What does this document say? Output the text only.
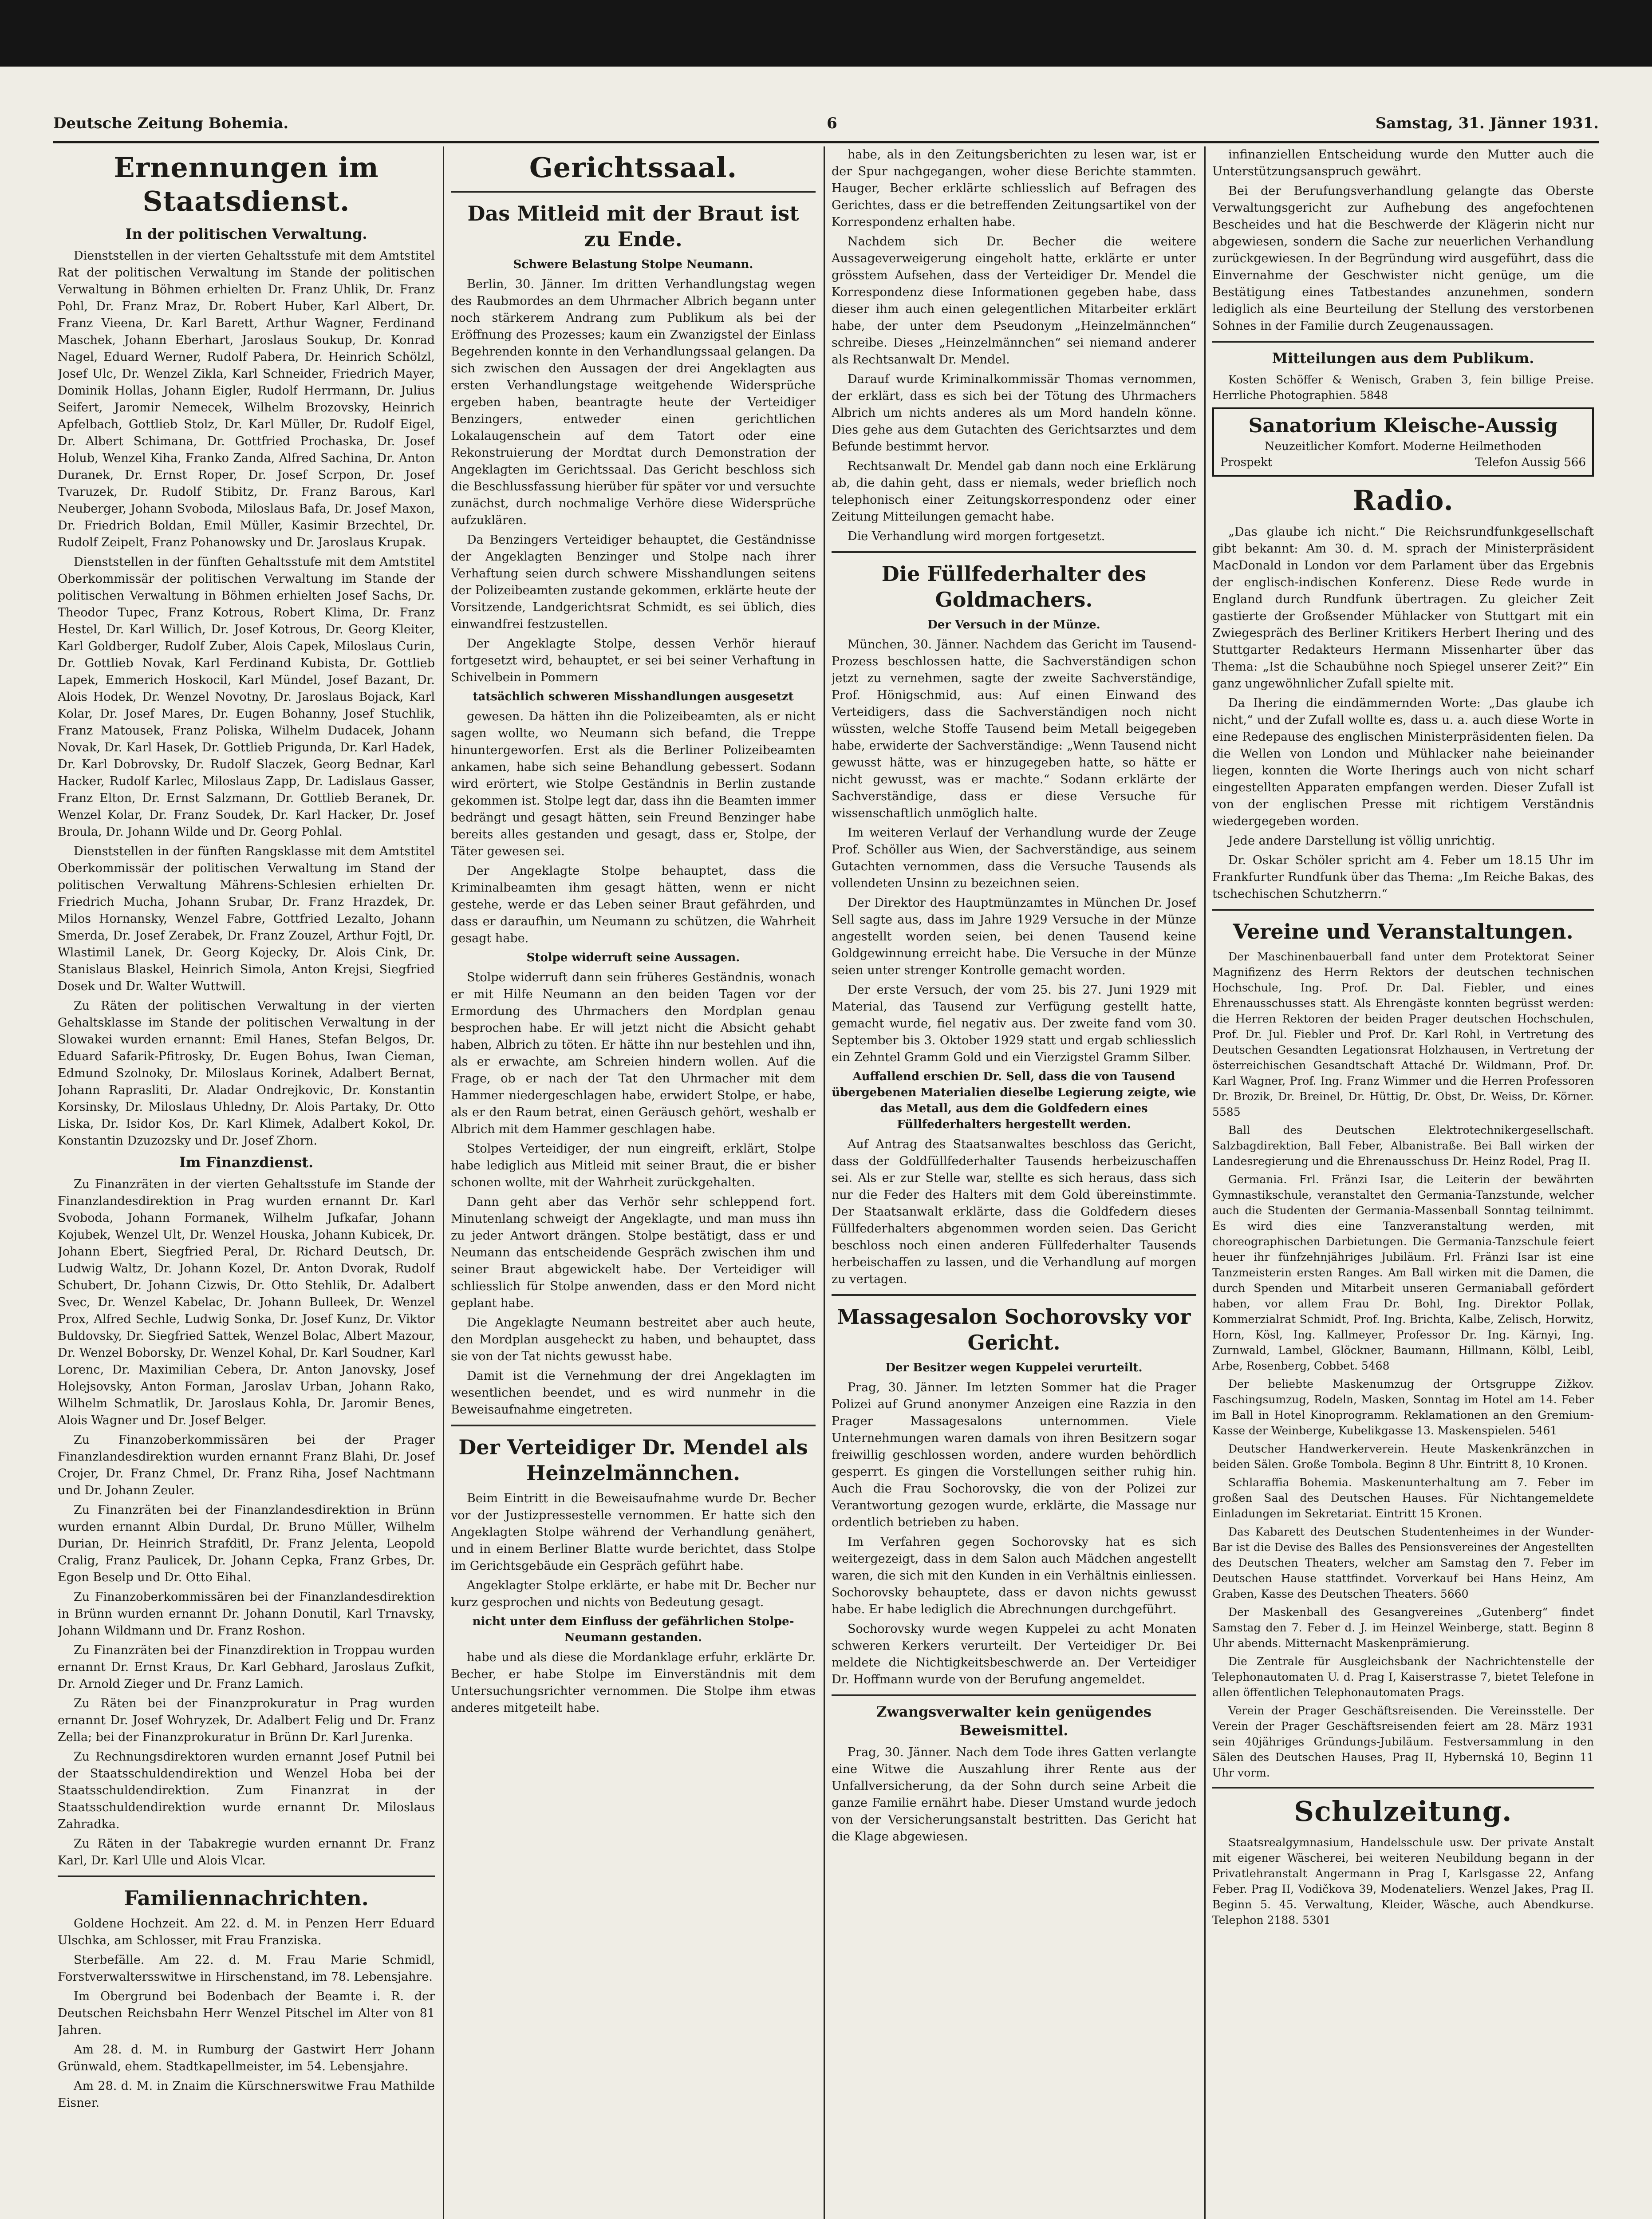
Deutsche Zeitung Bohemia.	6	Samstag, 31. Jänner 1931.
Ernennungen im Staatsdienst.
In der politischen Verwaltung.

Dienststellen in der vierten Gehaltsstufe mit dem Amtstitel Rat der politischen Verwaltung im Stande der politischen Verwaltung in Böhmen erhielten Dr. Franz Uhlik, Dr. Franz Pohl, Dr. Franz Mraz, Dr. Robert Huber, Karl Albert, Dr. Franz Vieena, Dr. Karl Barett, Arthur Wagner, Ferdinand Maschek, Johann Eberhart, Jaroslaus Soukup, Dr. Konrad Nagel, Eduard Werner, Rudolf Pabera, Dr. Heinrich Schölzl, Josef Ulc, Dr. Wenzel Zikla, Karl Schneider, Friedrich Mayer, Dominik Hollas, Johann Eigler, Rudolf Herrmann, Dr. Julius Seifert, Jaromir Nemecek, Wilhelm Brozovsky, Heinrich Apfelbach, Gottlieb Stolz, Dr. Karl Müller, Dr. Rudolf Eigel, Dr. Albert Schimana, Dr. Gottfried Prochaska, Dr. Josef Holub, Wenzel Kiha, Franko Zanda, Alfred Sachina, Dr. Anton Duranek, Dr. Ernst Roper, Dr. Josef Scrpon, Dr. Josef Tvaruzek, Dr. Rudolf Stibitz, Dr. Franz Barous, Karl Neuberger, Johann Svoboda, Miloslaus Bafa, Dr. Josef Maxon, Dr. Friedrich Boldan, Emil Müller, Kasimir Brzechtel, Dr. Rudolf Zeipelt, Franz Pohanowsky und Dr. Jaroslaus Krupak.

Dienststellen in der fünften Gehaltsstufe mit dem Amtstitel Oberkommissär der politischen Verwaltung im Stande der politischen Verwaltung in Böhmen erhielten Josef Sachs, Dr. Theodor Tupec, Franz Kotrous, Robert Klima, Dr. Franz Hestel, Dr. Karl Willich, Dr. Josef Kotrous, Dr. Georg Kleiter, Karl Goldberger, Rudolf Zuber, Alois Capek, Miloslaus Curin, Dr. Gottlieb Novak, Karl Ferdinand Kubista, Dr. Gottlieb Lapek, Emmerich Hoskocil, Karl Mündel, Josef Bazant, Dr. Alois Hodek, Dr. Wenzel Novotny, Dr. Jaroslaus Bojack, Karl Kolar, Dr. Josef Mares, Dr. Eugen Bohanny, Josef Stuchlik, Franz Matousek, Franz Poliska, Wilhelm Dudacek, Johann Novak, Dr. Karl Hasek, Dr. Gottlieb Prigunda, Dr. Karl Hadek, Dr. Karl Dobrovsky, Dr. Rudolf Slaczek, Georg Bednar, Karl Hacker, Rudolf Karlec, Miloslaus Zapp, Dr. Ladislaus Gasser, Franz Elton, Dr. Ernst Salzmann, Dr. Gottlieb Beranek, Dr. Wenzel Kolar, Dr. Franz Soudek, Dr. Karl Hacker, Dr. Josef Broula, Dr. Johann Wilde und Dr. Georg Pohlal.

Dienststellen in der fünften Rangsklasse mit dem Amtstitel Oberkommissär der politischen Verwaltung im Stand der politischen Verwaltung Mährens-Schlesien erhielten Dr. Friedrich Mucha, Johann Srubar, Dr. Franz Hrazdek, Dr. Milos Hornansky, Wenzel Fabre, Gottfried Lezalto, Johann Smerda, Dr. Josef Zerabek, Dr. Franz Zouzel, Arthur Fojtl, Dr. Wlastimil Lanek, Dr. Georg Kojecky, Dr. Alois Cink, Dr. Stanislaus Blaskel, Heinrich Simola, Anton Krejsi, Siegfried Dosek und Dr. Walter Wuttwill.

Zu Räten der politischen Verwaltung in der vierten Gehaltsklasse im Stande der politischen Verwaltung in der Slowakei wurden ernannt: Emil Hanes, Stefan Belgos, Dr. Eduard Safarik-Pfitrosky, Dr. Eugen Bohus, Iwan Cieman, Edmund Szolnoky, Dr. Miloslaus Korinek, Adalbert Bernat, Johann Raprasliti, Dr. Aladar Ondrejkovic, Dr. Konstantin Korsinsky, Dr. Miloslaus Uhledny, Dr. Alois Partaky, Dr. Otto Liska, Dr. Isidor Kos, Dr. Karl Klimek, Adalbert Kokol, Dr. Konstantin Dzuzozsky und Dr. Josef Zhorn.

Im Finanzdienst.

Zu Finanzräten in der vierten Gehaltsstufe im Stande der Finanzlandesdirektion in Prag wurden ernannt Dr. Karl Svoboda, Johann Formanek, Wilhelm Jufkafar, Johann Kojubek, Wenzel Ult, Dr. Wenzel Houska, Johann Kubicek, Dr. Johann Ebert, Siegfried Peral, Dr. Richard Deutsch, Dr. Ludwig Waltz, Dr. Johann Kozel, Dr. Anton Dvorak, Rudolf Schubert, Dr. Johann Cizwis, Dr. Otto Stehlik, Dr. Adalbert Svec, Dr. Wenzel Kabelac, Dr. Johann Bulleek, Dr. Wenzel Prox, Alfred Sechle, Ludwig Sonka, Dr. Josef Kunz, Dr. Viktor Buldovsky, Dr. Siegfried Sattek, Wenzel Bolac, Albert Mazour, Dr. Wenzel Boborsky, Dr. Wenzel Kohal, Dr. Karl Soudner, Karl Lorenc, Dr. Maximilian Cebera, Dr. Anton Janovsky, Josef Holejsovsky, Anton Forman, Jaroslav Urban, Johann Rako, Wilhelm Schmatlik, Dr. Jaroslaus Kohla, Dr. Jaromir Benes, Alois Wagner und Dr. Josef Belger.

Zu Finanzoberkommissären bei der Prager Finanzlandesdirektion wurden ernannt Franz Blahi, Dr. Josef Crojer, Dr. Franz Chmel, Dr. Franz Riha, Josef Nachtmann und Dr. Johann Zeuler.

Zu Finanzräten bei der Finanzlandesdirektion in Brünn wurden ernannt Albin Durdal, Dr. Bruno Müller, Wilhelm Durian, Dr. Heinrich Strafditl, Dr. Franz Jelenta, Leopold Cralig, Franz Paulicek, Dr. Johann Cepka, Franz Grbes, Dr. Egon Beselp und Dr. Otto Eihal.

Zu Finanzoberkommissären bei der Finanzlandesdirektion in Brünn wurden ernannt Dr. Johann Donutil, Karl Trnavsky, Johann Wildmann und Dr. Franz Roshon.

Zu Finanzräten bei der Finanzdirektion in Troppau wurden ernannt Dr. Ernst Kraus, Dr. Karl Gebhard, Jaroslaus Zufkit, Dr. Arnold Zieger und Dr. Franz Lamich.

Zu Räten bei der Finanzprokuratur in Prag wurden ernannt Dr. Josef Wohryzek, Dr. Adalbert Felig und Dr. Franz Zella; bei der Finanzprokuratur in Brünn Dr. Karl Jurenka.

Zu Rechnungsdirektoren wurden ernannt Josef Putnil bei der Staatsschuldendirektion und Wenzel Hoba bei der Staatsschuldendirektion. Zum Finanzrat in der Staatsschuldendirektion wurde ernannt Dr. Miloslaus Zahradka.

Zu Räten in der Tabakregie wurden ernannt Dr. Franz Karl, Dr. Karl Ulle und Alois Vlcar.

Familiennachrichten.

Goldene Hochzeit. Am 22. d. M. in Penzen Herr Eduard Ulschka, am Schlosser, mit Frau Franziska.

Sterbefälle. Am 22. d. M. Frau Marie Schmidl, Forstverwaltersswitwe in Hirschenstand, im 78. Lebensjahre.

Im Obergrund bei Bodenbach der Beamte i. R. der Deutschen Reichsbahn Herr Wenzel Pitschel im Alter von 81 Jahren.

Am 28. d. M. in Rumburg der Gastwirt Herr Johann Grünwald, ehem. Stadtkapellmeister, im 54. Lebensjahre.

Am 28. d. M. in Znaim die Kürschnerswitwe Frau Mathilde Eisner.

Gerichtssaal.
Das Mitleid mit der Braut ist zu Ende.
Schwere Belastung Stolpe Neumann.

Berlin, 30. Jänner. Im dritten Verhandlungstag wegen des Raubmordes an dem Uhrmacher Albrich begann unter noch stärkerem Andrang zum Publikum als bei der Eröffnung des Prozesses; kaum ein Zwanzigstel der Einlass Begehrenden konnte in den Verhandlungssaal gelangen. Da sich zwischen den Aussagen der drei Angeklagten aus ersten Verhandlungstage weitgehende Widersprüche ergeben haben, beantragte heute der Verteidiger Benzingers, entweder einen gerichtlichen Lokalaugenschein auf dem Tatort oder eine Rekonstruierung der Mordtat durch Demonstration der Angeklagten im Gerichtssaal. Das Gericht beschloss sich die Beschlussfassung hierüber für später vor und versuchte zunächst, durch nochmalige Verhöre diese Widersprüche aufzuklären.

Da Benzingers Verteidiger behauptet, die Geständnisse der Angeklagten Benzinger und Stolpe nach ihrer Verhaftung seien durch schwere Misshandlungen seitens der Polizeibeamten zustande gekommen, erklärte heute der Vorsitzende, Landgerichtsrat Schmidt, es sei üblich, dies einwandfrei festzustellen.

Der Angeklagte Stolpe, dessen Verhör hierauf fortgesetzt wird, behauptet, er sei bei seiner Verhaftung in Schivelbein in Pommern

tatsächlich schweren Misshandlungen ausgesetzt

gewesen. Da hätten ihn die Polizeibeamten, als er nicht sagen wollte, wo Neumann sich befand, die Treppe hinuntergeworfen. Erst als die Berliner Polizeibeamten ankamen, habe sich seine Behandlung gebessert. Sodann wird erörtert, wie Stolpe Geständnis in Berlin zustande gekommen ist. Stolpe legt dar, dass ihn die Beamten immer bedrängt und gesagt hätten, sein Freund Benzinger habe bereits alles gestanden und gesagt, dass er, Stolpe, der Täter gewesen sei.

Der Angeklagte Stolpe behauptet, dass die Kriminalbeamten ihm gesagt hätten, wenn er nicht gestehe, werde er das Leben seiner Braut gefährden, und dass er daraufhin, um Neumann zu schützen, die Wahrheit gesagt habe.

Stolpe widerruft seine Aussagen.

Stolpe widerruft dann sein früheres Geständnis, wonach er mit Hilfe Neumann an den beiden Tagen vor der Ermordung des Uhrmachers den Mordplan genau besprochen habe. Er will jetzt nicht die Absicht gehabt haben, Albrich zu töten. Er hätte ihn nur bestehlen und ihn, als er erwachte, am Schreien hindern wollen. Auf die Frage, ob er nach der Tat den Uhrmacher mit dem Hammer niedergeschlagen habe, erwidert Stolpe, er habe, als er den Raum betrat, einen Geräusch gehört, weshalb er Albrich mit dem Hammer geschlagen habe.

Stolpes Verteidiger, der nun eingreift, erklärt, Stolpe habe lediglich aus Mitleid mit seiner Braut, die er bisher schonen wollte, mit der Wahrheit zurückgehalten.

Dann geht aber das Verhör sehr schleppend fort. Minutenlang schweigt der Angeklagte, und man muss ihn zu jeder Antwort drängen. Stolpe bestätigt, dass er und Neumann das entscheidende Gespräch zwischen ihm und seiner Braut abgewickelt habe. Der Verteidiger will schliesslich für Stolpe anwenden, dass er den Mord nicht geplant habe.

Die Angeklagte Neumann bestreitet aber auch heute, den Mordplan ausgeheckt zu haben, und behauptet, dass sie von der Tat nichts gewusst habe.

Damit ist die Vernehmung der drei Angeklagten im wesentlichen beendet, und es wird nunmehr in die Beweisaufnahme eingetreten.

Der Verteidiger Dr. Mendel als Heinzelmännchen.

Beim Eintritt in die Beweisaufnahme wurde Dr. Becher vor der Justizpressestelle vernommen. Er hatte sich den Angeklagten Stolpe während der Verhandlung genähert, und in einem Berliner Blatte wurde berichtet, dass Stolpe im Gerichtsgebäude ein Gespräch geführt habe.

Angeklagter Stolpe erklärte, er habe mit Dr. Becher nur kurz gesprochen und nichts von Bedeutung gesagt.

nicht unter dem Einfluss der gefährlichen Stolpe-Neumann gestanden.

habe und als diese die Mordanklage erfuhr, erklärte Dr. Becher, er habe Stolpe im Einverständnis mit dem Untersuchungsrichter vernommen. Die Stolpe ihm etwas anderes mitgeteilt habe.

habe, als in den Zeitungsberichten zu lesen war, ist er der Spur nachgegangen, woher diese Berichte stammten. Hauger, Becher erklärte schliesslich auf Befragen des Gerichtes, dass er die betreffenden Zeitungsartikel von der Korrespondenz erhalten habe.

Nachdem sich Dr. Becher die weitere Aussageverweigerung eingeholt hatte, erklärte er unter grösstem Aufsehen, dass der Verteidiger Dr. Mendel die Korrespondenz diese Informationen gegeben habe, dass dieser ihm auch einen gelegentlichen Mitarbeiter erklärt habe, der unter dem Pseudonym „Heinzelmännchen“ schreibe. Dieses „Heinzelmännchen“ sei niemand anderer als Rechtsanwalt Dr. Mendel.

Darauf wurde Kriminalkommissär Thomas vernommen, der erklärt, dass es sich bei der Tötung des Uhrmachers Albrich um nichts anderes als um Mord handeln könne. Dies gehe aus dem Gutachten des Gerichtsarztes und dem Befunde bestimmt hervor.

Rechtsanwalt Dr. Mendel gab dann noch eine Erklärung ab, die dahin geht, dass er niemals, weder brieflich noch telephonisch einer Zeitungskorrespondenz oder einer Zeitung Mitteilungen gemacht habe.

Die Verhandlung wird morgen fortgesetzt.

Die Füllfederhalter des Goldmachers.
Der Versuch in der Münze.

München, 30. Jänner. Nachdem das Gericht im Tausend-Prozess beschlossen hatte, die Sachverständigen schon jetzt zu vernehmen, sagte der zweite Sachverständige, Prof. Hönigschmid, aus: Auf einen Einwand des Verteidigers, dass die Sachverständigen noch nicht wüssten, welche Stoffe Tausend beim Metall beigegeben habe, erwiderte der Sachverständige: „Wenn Tausend nicht gewusst hätte, was er hinzugegeben hatte, so hätte er nicht gewusst, was er machte.“ Sodann erklärte der Sachverständige, dass er diese Versuche für wissenschaftlich unmöglich halte.

Im weiteren Verlauf der Verhandlung wurde der Zeuge Prof. Schöller aus Wien, der Sachverständige, aus seinem Gutachten vernommen, dass die Versuche Tausends als vollendeten Unsinn zu bezeichnen seien.

Der Direktor des Hauptmünzamtes in München Dr. Josef Sell sagte aus, dass im Jahre 1929 Versuche in der Münze angestellt worden seien, bei denen Tausend keine Goldgewinnung erreicht habe. Die Versuche in der Münze seien unter strenger Kontrolle gemacht worden.

Der erste Versuch, der vom 25. bis 27. Juni 1929 mit Material, das Tausend zur Verfügung gestellt hatte, gemacht wurde, fiel negativ aus. Der zweite fand vom 30. September bis 3. Oktober 1929 statt und ergab schliesslich ein Zehntel Gramm Gold und ein Vierzigstel Gramm Silber.

Auffallend erschien Dr. Sell, dass die von Tausend übergebenen Materialien dieselbe Legierung zeigte, wie das Metall, aus dem die Goldfedern eines Füllfederhalters hergestellt werden.

Auf Antrag des Staatsanwaltes beschloss das Gericht, dass der Goldfüllfederhalter Tausends herbeizuschaffen sei. Als er zur Stelle war, stellte es sich heraus, dass sich nur die Feder des Halters mit dem Gold übereinstimmte. Der Staatsanwalt erklärte, dass die Goldfedern dieses Füllfederhalters abgenommen worden seien. Das Gericht beschloss noch einen anderen Füllfederhalter Tausends herbeischaffen zu lassen, und die Verhandlung auf morgen zu vertagen.

Massagesalon Sochorovsky vor Gericht.
Der Besitzer wegen Kuppelei verurteilt.

Prag, 30. Jänner. Im letzten Sommer hat die Prager Polizei auf Grund anonymer Anzeigen eine Razzia in den Prager Massagesalons unternommen. Viele Unternehmungen waren damals von ihren Besitzern sogar freiwillig geschlossen worden, andere wurden behördlich gesperrt. Es gingen die Vorstellungen seither ruhig hin. Auch die Frau Sochorovsky, die von der Polizei zur Verantwortung gezogen wurde, erklärte, die Massage nur ordentlich betrieben zu haben.

Im Verfahren gegen Sochorovsky hat es sich weitergezeigt, dass in dem Salon auch Mädchen angestellt waren, die sich mit den Kunden in ein Verhältnis einliessen. Sochorovsky behauptete, dass er davon nichts gewusst habe. Er habe lediglich die Abrechnungen durchgeführt.

Sochorovsky wurde wegen Kuppelei zu acht Monaten schweren Kerkers verurteilt. Der Verteidiger Dr. Bei meldete die Nichtigkeitsbeschwerde an. Der Verteidiger Dr. Hoffmann wurde von der Berufung angemeldet.

Zwangsverwalter kein genügendes Beweismittel.

Prag, 30. Jänner. Nach dem Tode ihres Gatten verlangte eine Witwe die Auszahlung ihrer Rente aus der Unfallversicherung, da der Sohn durch seine Arbeit die ganze Familie ernährt habe. Dieser Umstand wurde jedoch von der Versicherungsanstalt bestritten. Das Gericht hat die Klage abgewiesen.

infinanziellen Entscheidung wurde den Mutter auch die Unterstützungsanspruch gewährt.

Bei der Berufungsverhandlung gelangte das Oberste Verwaltungsgericht zur Aufhebung des angefochtenen Bescheides und hat die Beschwerde der Klägerin nicht nur abgewiesen, sondern die Sache zur neuerlichen Verhandlung zurückgewiesen. In der Begründung wird ausgeführt, dass die Einvernahme der Geschwister nicht genüge, um die Bestätigung eines Tatbestandes anzunehmen, sondern lediglich als eine Beurteilung der Stellung des verstorbenen Sohnes in der Familie durch Zeugenaussagen.

Mitteilungen aus dem Publikum.

Kosten Schöffer & Wenisch, Graben 3, fein billige Preise. Herrliche Photographien. 5848

Sanatorium Kleische-Aussig
Neuzeitlicher Komfort. Moderne Heilmethoden
Prospekt	Telefon Aussig 566
Radio.

„Das glaube ich nicht.“ Die Reichsrundfunkgesellschaft gibt bekannt: Am 30. d. M. sprach der Ministerpräsident MacDonald in London vor dem Parlament über das Ergebnis der englisch-indischen Konferenz. Diese Rede wurde in England durch Rundfunk übertragen. Zu gleicher Zeit gastierte der Großsender Mühlacker von Stuttgart mit ein Zwiegespräch des Berliner Kritikers Herbert Ihering und des Stuttgarter Redakteurs Hermann Missenharter über das Thema: „Ist die Schaubühne noch Spiegel unserer Zeit?“ Ein ganz ungewöhnlicher Zufall spielte mit.

Da Ihering die eindämmernden Worte: „Das glaube ich nicht,“ und der Zufall wollte es, dass u. a. auch diese Worte in eine Redepause des englischen Ministerpräsidenten fielen. Da die Wellen von London und Mühlacker nahe beieinander liegen, konnten die Worte Iherings auch von nicht scharf eingestellten Apparaten empfangen werden. Dieser Zufall ist von der englischen Presse mit richtigem Verständnis wiedergegeben worden.

Jede andere Darstellung ist völlig unrichtig.

Dr. Oskar Schöler spricht am 4. Feber um 18.15 Uhr im Frankfurter Rundfunk über das Thema: „Im Reiche Bakas, des tschechischen Schutzherrn.“

Vereine und Veranstaltungen.

Der Maschinenbauerball fand unter dem Protektorat Seiner Magnifizenz des Herrn Rektors der deutschen technischen Hochschule, Ing. Prof. Dr. Dal. Fiebler, und eines Ehrenausschusses statt. Als Ehrengäste konnten begrüsst werden: die Herren Rektoren der beiden Prager deutschen Hochschulen, Prof. Dr. Jul. Fiebler und Prof. Dr. Karl Rohl, in Vertretung des Deutschen Gesandten Legationsrat Holzhausen, in Vertretung der österreichischen Gesandtschaft Attaché Dr. Wildmann, Prof. Dr. Karl Wagner, Prof. Ing. Franz Wimmer und die Herren Professoren Dr. Brozik, Dr. Breinel, Dr. Hüttig, Dr. Obst, Dr. Weiss, Dr. Körner. 5585

Ball des Deutschen Elektrotechnikergesellschaft. Salzbagdirektion, Ball Feber, Albanistraße. Bei Ball wirken der Landesregierung und die Ehrenausschuss Dr. Heinz Rodel, Prag II.

Germania. Frl. Fränzi Isar, die Leiterin der bewährten Gymnastikschule, veranstaltet den Germania-Tanzstunde, welcher auch die Studenten der Germania-Massenball Sonntag teilnimmt. Es wird dies eine Tanzveranstaltung werden, mit choreographischen Darbietungen. Die Germania-Tanzschule feiert heuer ihr fünfzehnjähriges Jubiläum. Frl. Fränzi Isar ist eine Tanzmeisterin ersten Ranges. Am Ball wirken mit die Damen, die durch Spenden und Mitarbeit unseren Germaniaball gefördert haben, vor allem Frau Dr. Bohl, Ing. Direktor Pollak, Kommerzialrat Schmidt, Prof. Ing. Brichta, Kalbe, Zelisch, Horwitz, Horn, Kösl, Ing. Kallmeyer, Professor Dr. Ing. Kärnyi, Ing. Zurnwald, Lambel, Glöckner, Baumann, Hillmann, Kölbl, Leibl, Arbe, Rosenberg, Cobbet. 5468

Der beliebte Maskenumzug der Ortsgruppe Zižkov. Faschingsumzug, Rodeln, Masken, Sonntag im Hotel am 14. Feber im Ball in Hotel Kinoprogramm. Reklamationen an den Gremium-Kasse der Weinberge, Kubelikgasse 13. Maskenspielen. 5461

Deutscher Handwerkerverein. Heute Maskenkränzchen in beiden Sälen. Große Tombola. Beginn 8 Uhr. Eintritt 8, 10 Kronen.

Schlaraffia Bohemia. Maskenunterhaltung am 7. Feber im großen Saal des Deutschen Hauses. Für Nichtangemeldete Einladungen im Sekretariat. Eintritt 15 Kronen.

Das Kabarett des Deutschen Studentenheimes in der Wunder-Bar ist die Devise des Balles des Pensionsvereines der Angestellten des Deutschen Theaters, welcher am Samstag den 7. Feber im Deutschen Hause stattfindet. Vorverkauf bei Hans Heinz, Am Graben, Kasse des Deutschen Theaters. 5660

Der Maskenball des Gesangvereines „Gutenberg“ findet Samstag den 7. Feber d. J. im Heinzel Weinberge, statt. Beginn 8 Uhr abends. Mitternacht Maskenprämierung.

Die Zentrale für Ausgleichsbank der Nachrichtenstelle der Telephonautomaten U. d. Prag I, Kaiserstrasse 7, bietet Telefone in allen öffentlichen Telephonautomaten Prags.

Verein der Prager Geschäftsreisenden. Die Vereinsstelle. Der Verein der Prager Geschäftsreisenden feiert am 28. März 1931 sein 40jähriges Gründungs-Jubiläum. Festversammlung in den Sälen des Deutschen Hauses, Prag II, Hybernská 10, Beginn 11 Uhr vorm.

Schulzeitung.

Staatsrealgymnasium, Handelsschule usw. Der private Anstalt mit eigener Wäscherei, bei weiteren Neubildung begann in der Privatlehranstalt Angermann in Prag I, Karlsgasse 22, Anfang Feber. Prag II, Vodičkova 39, Modenateliers. Wenzel Jakes, Prag II. Beginn 5. 45. Verwaltung, Kleider, Wäsche, auch Abendkurse. Telephon 2188. 5301
